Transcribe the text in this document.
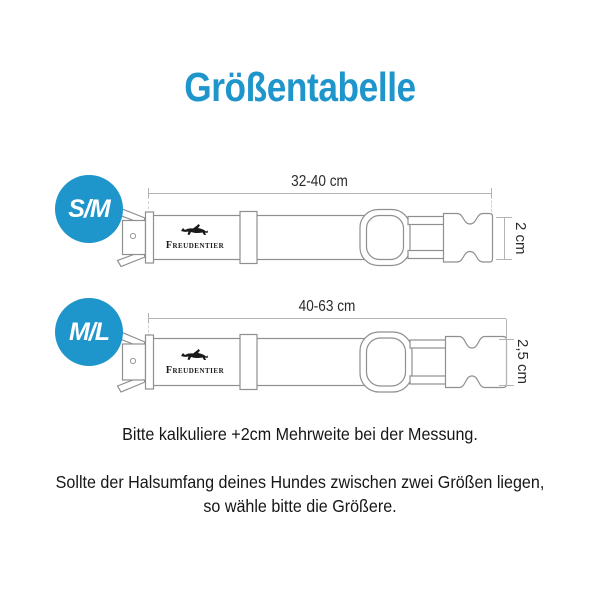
Größentabelle
32-40 cm
Freudentier	2 cm
S/M
40-63 cm
Freudentier	2,5 cm
M/L
Bitte kalkuliere +2cm Mehrweite bei der Messung.
Sollte der Halsumfang deines Hundes zwischen zwei Größen liegen,
so wähle bitte die Größere.
